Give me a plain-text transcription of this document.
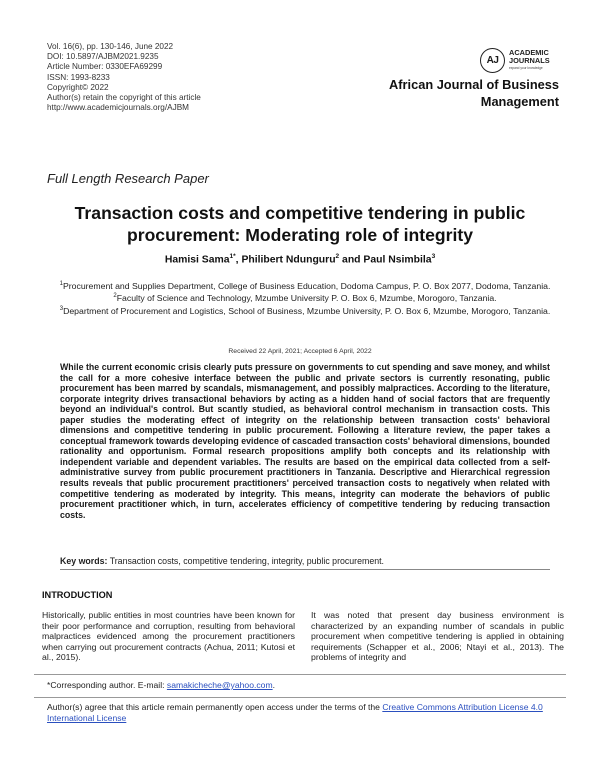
Vol. 16(6), pp. 130-146, June 2022
DOI: 10.5897/AJBM2021.9235
Article Number: 0330EFA69299
ISSN: 1993-8233
Copyright© 2022
Author(s) retain the copyright of this article
http://www.academicjournals.org/AJBM
AJ
ACADEMIC
JOURNALS
expand your knowledge
African Journal of Business
Management
Full Length Research Paper
Transaction costs and competitive tendering in public
procurement: Moderating role of integrity
Hamisi Sama$^{1*}$, Philibert Ndunguru$^2$ and Paul Nsimbila$^3$
$^1$Procurement and Supplies Department, College of Business Education, Dodoma Campus, P. O. Box 2077, Dodoma, Tanzania.
$^2$Faculty of Science and Technology, Mzumbe University P. O. Box 6, Mzumbe, Morogoro, Tanzania.
$^3$Department of Procurement and Logistics, School of Business, Mzumbe University, P. O. Box 6, Mzumbe, Morogoro, Tanzania.
Received 22 April, 2021; Accepted 6 April, 2022
While the current economic crisis clearly puts pressure on governments to cut spending and save money, and whilst the call for a more cohesive interface between the public and private sectors is currently resonating, public procurement has been marred by scandals, mismanagement, and possibly malpractices. According to the literature, corporate integrity drives transactional behaviors by acting as a hidden hand of social factors that are frequently beyond an individual's control. But scantly studied, as behavioral control mechanism in transaction costs. This paper studies the moderating effect of integrity on the relationship between transaction costs' behavioral dimensions and competitive tendering in public procurement. Following a literature review, the paper takes a conceptual framework towards developing evidence of cascaded transaction costs' behavioral dimensions, bounded rationality and opportunism. Formal research propositions amplify both concepts and its relationship with independent variable and dependent variables. The results are based on the empirical data collected from a self-administrative survey from public procurement practitioners in Tanzania. Descriptive and Hierarchical regression results reveals that public procurement practitioners' perceived transaction costs to negatively when related with competitive tendering as moderated by integrity. This means, integrity can moderate the behaviors of public procurement practitioner which, in turn, accelerates efficiency of competitive tendering by reducing transaction costs.
Key words: Transaction costs, competitive tendering, integrity, public procurement.
INTRODUCTION
Historically, public entities in most countries have been known for their poor performance and corruption, resulting from behavioral malpractices evidenced among the procurement practitioners when carrying out procurement contracts (Achua, 2011; Kutosi et al., 2015).
It was noted that present day business environment is characterized by an expanding number of scandals in public procurement when competitive tendering is applied in obtaining requirements (Schapper et al., 2006; Ntayi et al., 2013). The problems of integrity and
*Corresponding author. E-mail: samakicheche@yahoo.com.
Author(s) agree that this article remain permanently open access under the terms of the Creative Commons Attribution License 4.0 International License
